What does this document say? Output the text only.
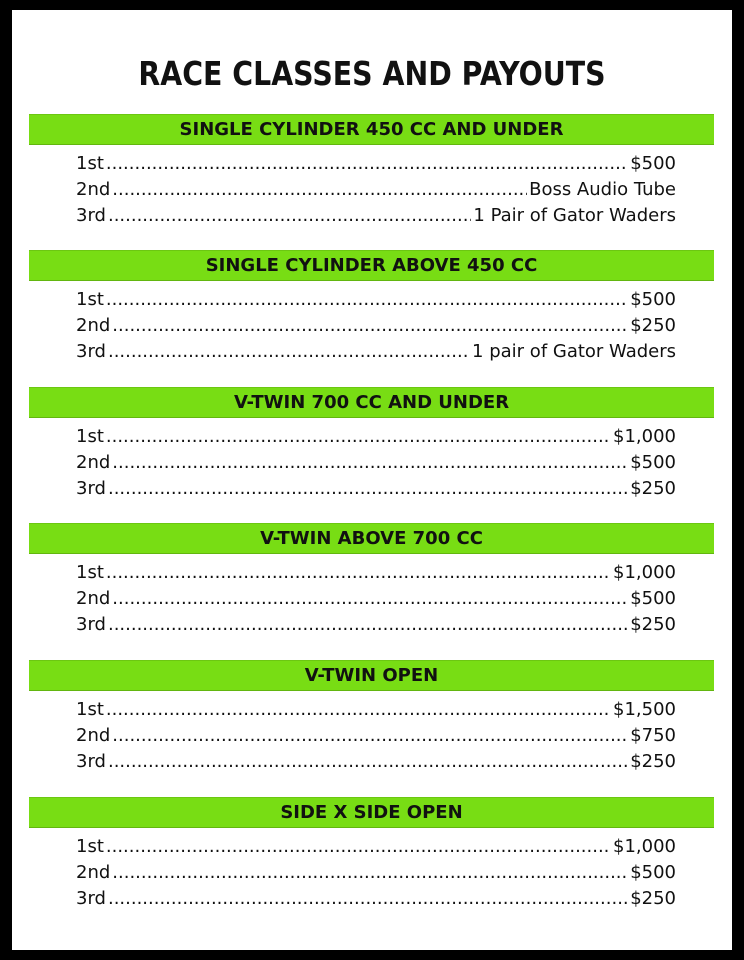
RACE CLASSES AND PAYOUTS
SINGLE CYLINDER 450 CC AND UNDER
1st .....	$500
2nd .....	Boss Audio Tube
3rd .....	1 Pair of Gator Waders
SINGLE CYLINDER ABOVE 450 CC
1st .....	$500
2nd .....	$250
3rd .....	1 pair of Gator Waders
V-TWIN 700 CC AND UNDER
1st .....	$1,000
2nd .....	$500
3rd .....	$250
V-TWIN ABOVE 700 CC
1st .....	$1,000
2nd .....	$500
3rd .....	$250
V-TWIN OPEN
1st .....	$1,500
2nd .....	$750
3rd .....	$250
SIDE X SIDE OPEN
1st .....	$1,000
2nd .....	$500
3rd .....	$250
